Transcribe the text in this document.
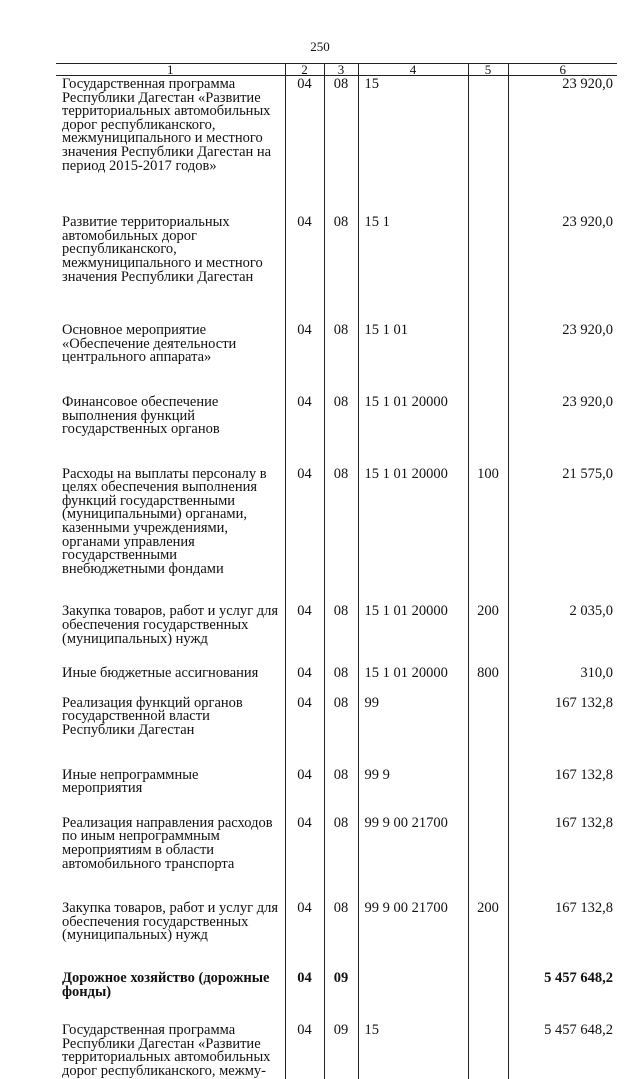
250
1	2	3	4	5	6
Государственная программа Республики Дагестан «Развитие территориальных автомобильных дорог республиканского, межмуниципального и местного значения Республики Дагестан на период 2015-2017 годов»	04	08	15		23 920,0
Развитие территориальных автомобильных дорог республиканского, межмуниципального и местного значения Республики Дагестан	04	08	15 1		23 920,0
Основное мероприятие «Обеспечение деятельности центрального аппарата»	04	08	15 1 01		23 920,0
Финансовое обеспечение выполнения функций государственных органов	04	08	15 1 01 20000		23 920,0
Расходы на выплаты персоналу в целях обеспечения выполнения функций государственными (муниципальными) органами, казенными учреждениями, органами управления государственными внебюджетными фондами	04	08	15 1 01 20000	100	21 575,0
Закупка товаров, работ и услуг для обеспечения государственных (муниципальных) нужд	04	08	15 1 01 20000	200	2 035,0
Иные бюджетные ассигнования	04	08	15 1 01 20000	800	310,0
Реализация функций органов государственной власти Республики Дагестан	04	08	99		167 132,8
Иные непрограммные мероприятия	04	08	99 9		167 132,8
Реализация направления расходов по иным непрограммным мероприятиям в области автомобильного транспорта	04	08	99 9 00 21700		167 132,8
Закупка товаров, работ и услуг для обеспечения государственных (муниципальных) нужд	04	08	99 9 00 21700	200	167 132,8
Дорожное хозяйство (дорожные фонды)	04	09			5 457 648,2
Государственная программа Республики Дагестан «Развитие территориальных автомобильных дорог республиканского, межму-	04	09	15		5 457 648,2
